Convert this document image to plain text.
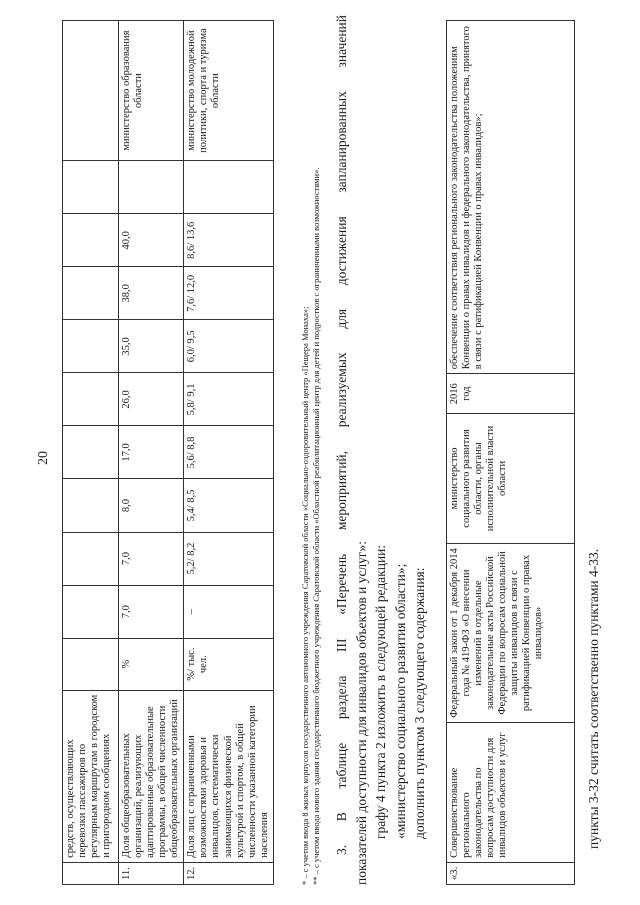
20
	средств, осуществляющих перевозки пассажиров по регулярным маршрутам в городском и пригородном сообщениях											
11.	Доля общеобразовательных организаций, реализующих адаптированные образовательные программы, в общей численности общеобразовательных организаций	%	7,0	7,0	8,0	17,0	26,0	35,0	38,0	40,0		министерство образования области
12.	Доля лиц с ограниченными возможностями здоровья и инвалидов, систематически занимающихся физической культурой и спортом, в общей численности указанной категории населения	%/ тыс. чел.	–	5,2/ 8,2	5,4/ 8,5	5,6/ 8,8	5,8/ 9,1	6,0/ 9,5	7,6/ 12,0	8,6/ 13,6		министерство молодежной политики, спорта и туризма области
* – с учетом ввода 8 жилых корпусов государственного автономного учреждения Саратовской области «Социально-оздоровительный центр «Пещера Монаха»; ** – с учетом ввода нового здания государственного бюджетного учреждения Саратовской области «Областной реабилитационный центр для детей и подростков с ограниченными возможностями». 3. В таблице раздела III «Перечень мероприятий, реализуемых для достижения запланированных значений показателей доступности для инвалидов объектов и услуг»: графу 4 пункта 2 изложить в следующей редакции: «министерство социального развития области»; дополнить пунктом 3 следующего содержания:

«3.	Совершенствование регионального законодательства по вопросам доступности для инвалидов объектов и услуг	Федеральный закон от 1 декабря 2014 года № 419-ФЗ «О внесении изменений в отдельные законодательные акты Российской Федерации по вопросам социальной защиты инвалидов в связи с ратификацией Конвенции о правах инвалидов»	министерство социального развития области, органы исполнительной власти области	2016 год	обеспечение соответствия регионального законодательства положениям Конвенции о правах инвалидов и федерального законодательства, принятого в связи с ратификацией Конвенции о правах инвалидов»;
пункты 3-32 считать соответственно пунктами 4-33.
